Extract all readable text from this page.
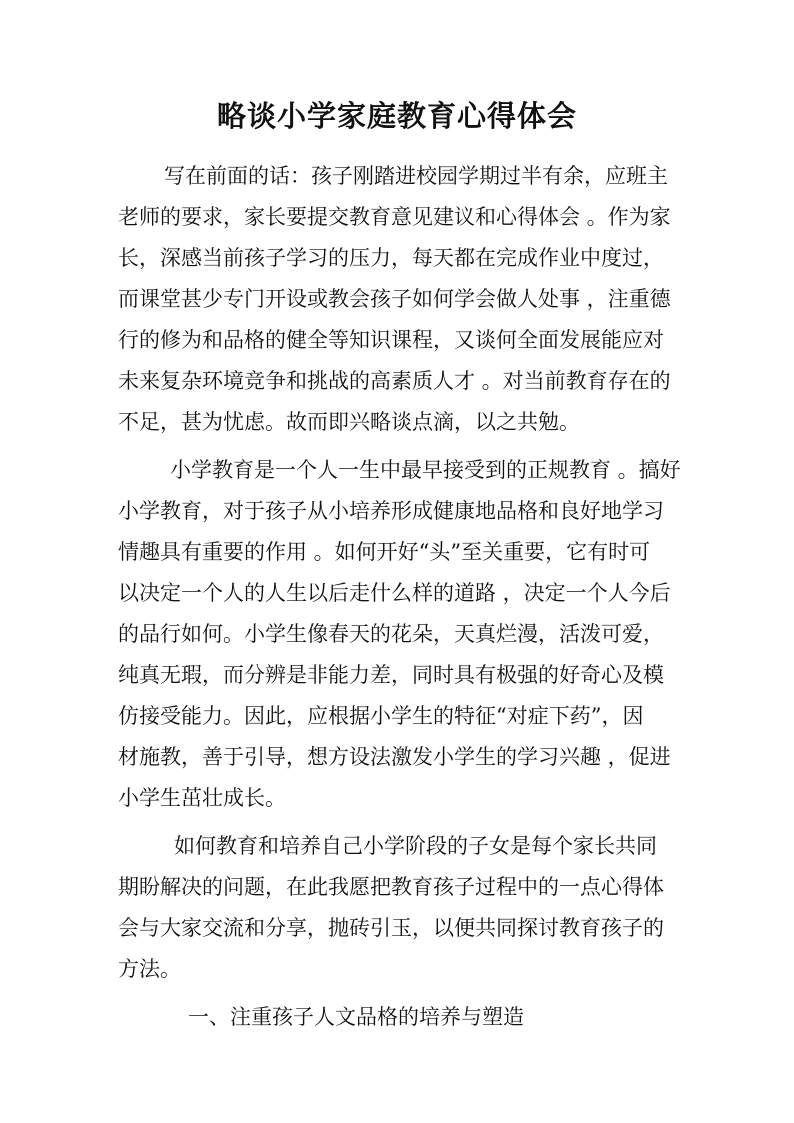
略谈小学家庭教育心得体会
写在前面的话：孩子刚踏进校园学期过半有余，应班主
老师的要求，家长要提交教育意见建议和心得体会 。作为家
长，深感当前孩子学习的压力，每天都在完成作业中度过，
而课堂甚少专门开设或教会孩子如何学会做人处事 ，注重德
行的修为和品格的健全等知识课程，又谈何全面发展能应对
未来复杂环境竞争和挑战的高素质人才 。对当前教育存在的
不足，甚为忧虑。故而即兴略谈点滴，以之共勉。
小学教育是一个人一生中最早接受到的正规教育 。搞好
小学教育，对于孩子从小培养形成健康地品格和良好地学习
情趣具有重要的作用 。如何开好“头”至关重要，它有时可
以决定一个人的人生以后走什么样的道路 ，决定一个人今后
的品行如何。小学生像春天的花朵，天真烂漫，活泼可爱，
纯真无瑕，而分辨是非能力差，同时具有极强的好奇心及模
仿接受能力。因此，应根据小学生的特征“对症下药”，因
材施教，善于引导，想方设法激发小学生的学习兴趣 ，促进
小学生茁壮成长。
如何教育和培养自己小学阶段的子女是每个家长共同
期盼解决的问题，在此我愿把教育孩子过程中的一点心得体
会与大家交流和分享，抛砖引玉，以便共同探讨教育孩子的
方法。
一、注重孩子人文品格的培养与塑造
